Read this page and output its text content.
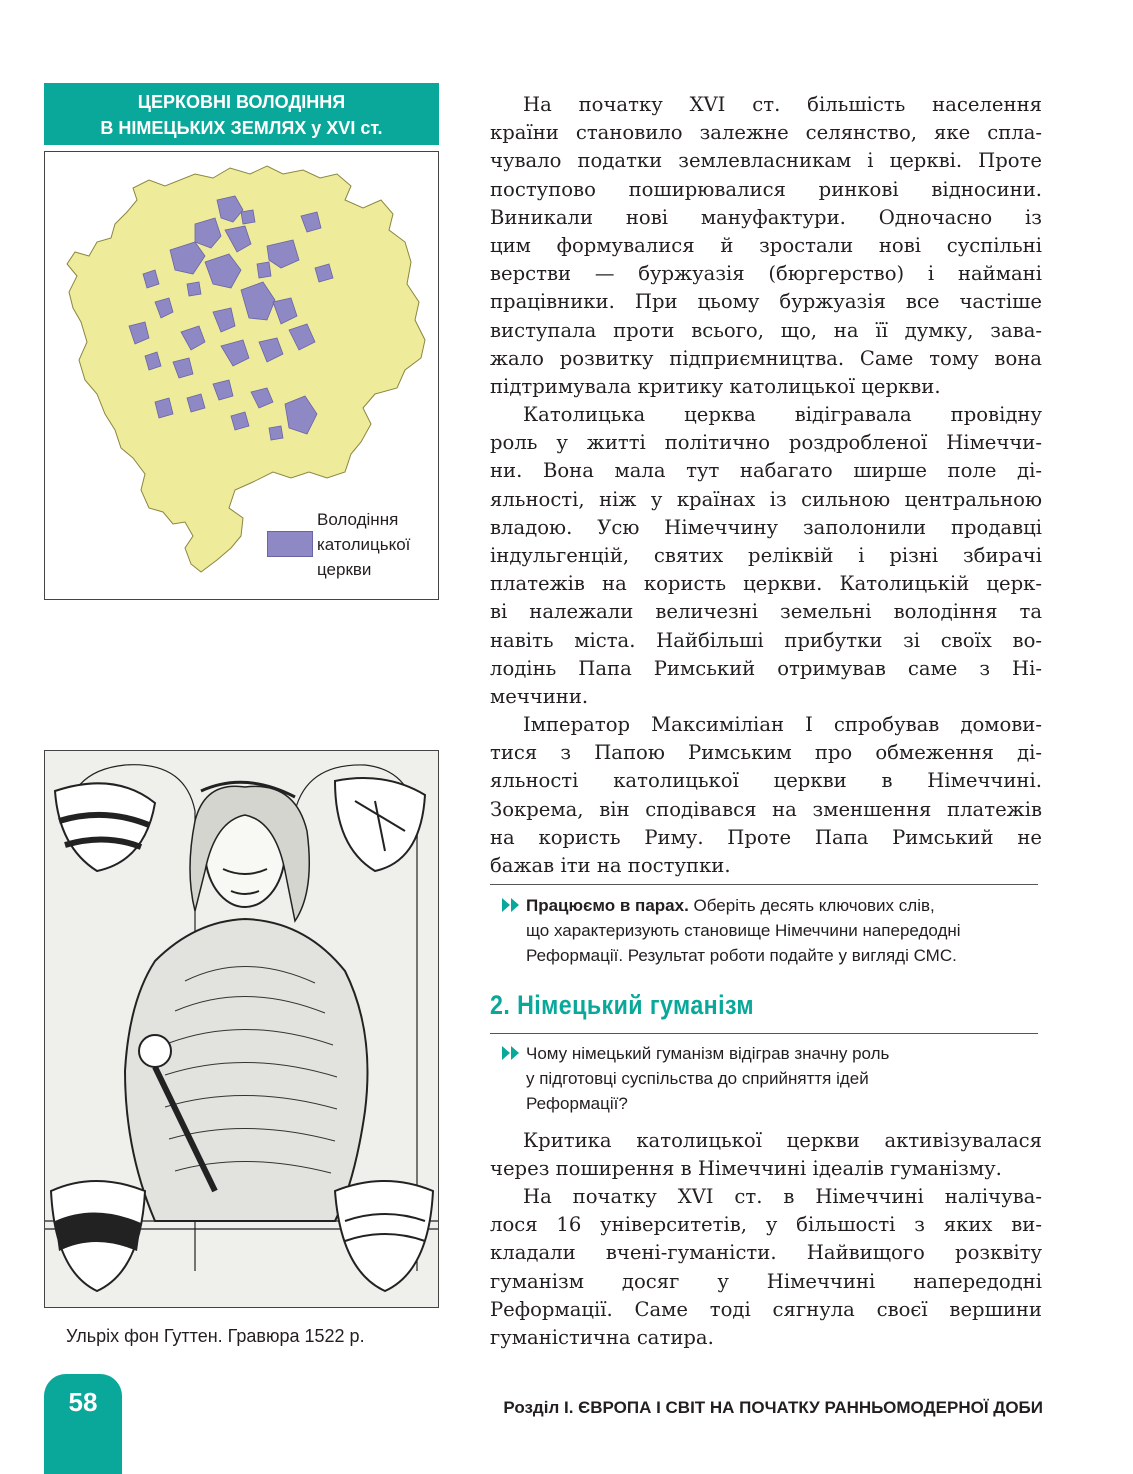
ЦЕРКОВНІ ВОЛОДІННЯ
В НІМЕЦЬКИХ ЗЕМЛЯХ у XVI ст.
Володіння
католицької
церкви
Ульріх фон Гуттен. Гравюра 1522 р.

На початку XVI ст. більшість населення
країни становило залежне селянство, яке спла-
чувало податки землевласникам і церкві. Проте
поступово поширювалися ринкові відносини.
Виникали нові мануфактури. Одночасно із
цим формувалися й зростали нові суспільні
верстви — буржуазія (бюргерство) і наймані
працівники. При цьому буржуазія все частіше
виступала проти всього, що, на її думку, зава-
жало розвитку підприємництва. Саме тому вона
підтримувала критику католицької церкви.

Католицька церква відігравала провідну
роль у житті політично роздробленої Німеччи-
ни. Вона мала тут набагато ширше поле ді-
яльності, ніж у країнах із сильною центральною
владою. Усю Німеччину заполонили продавці
індульгенцій, святих реліквій і різні збирачі
платежів на користь церкви. Католицькій церк-
ві належали величезні земельні володіння та
навіть міста. Найбільші прибутки зі своїх во-
лодінь Папа Римський отримував саме з Ні-
меччини.

Імператор Максиміліан I спробував домови-
тися з Папою Римським про обмеження ді-
яльності католицької церкви в Німеччині.
Зокрема, він сподівався на зменшення платежів
на користь Риму. Проте Папа Римський не
бажав іти на поступки.

Працюємо в парах. Оберіть десять ключових слів,
що характеризують становище Німеччини напередодні
Реформації. Результат роботи подайте у вигляді СМС.
2. Німецький гуманізм
Чому німецький гуманізм відіграв значну роль
у підготовці суспільства до сприйняття ідей
Реформації?

Критика католицької церкви активізувалася
через поширення в Німеччині ідеалів гуманізму.

На початку XVI ст. в Німеччині налічува-
лося 16 університетів, у більшості з яких ви-
кладали вчені-гуманісти. Найвищого розквіту
гуманізм досяг у Німеччині напередодні
Реформації. Саме тоді сягнула своєї вершини
гуманістична сатира.

58	Розділ I. ЄВРОПА І СВІТ НА ПОЧАТКУ РАННЬОМОДЕРНОЇ ДОБИ
